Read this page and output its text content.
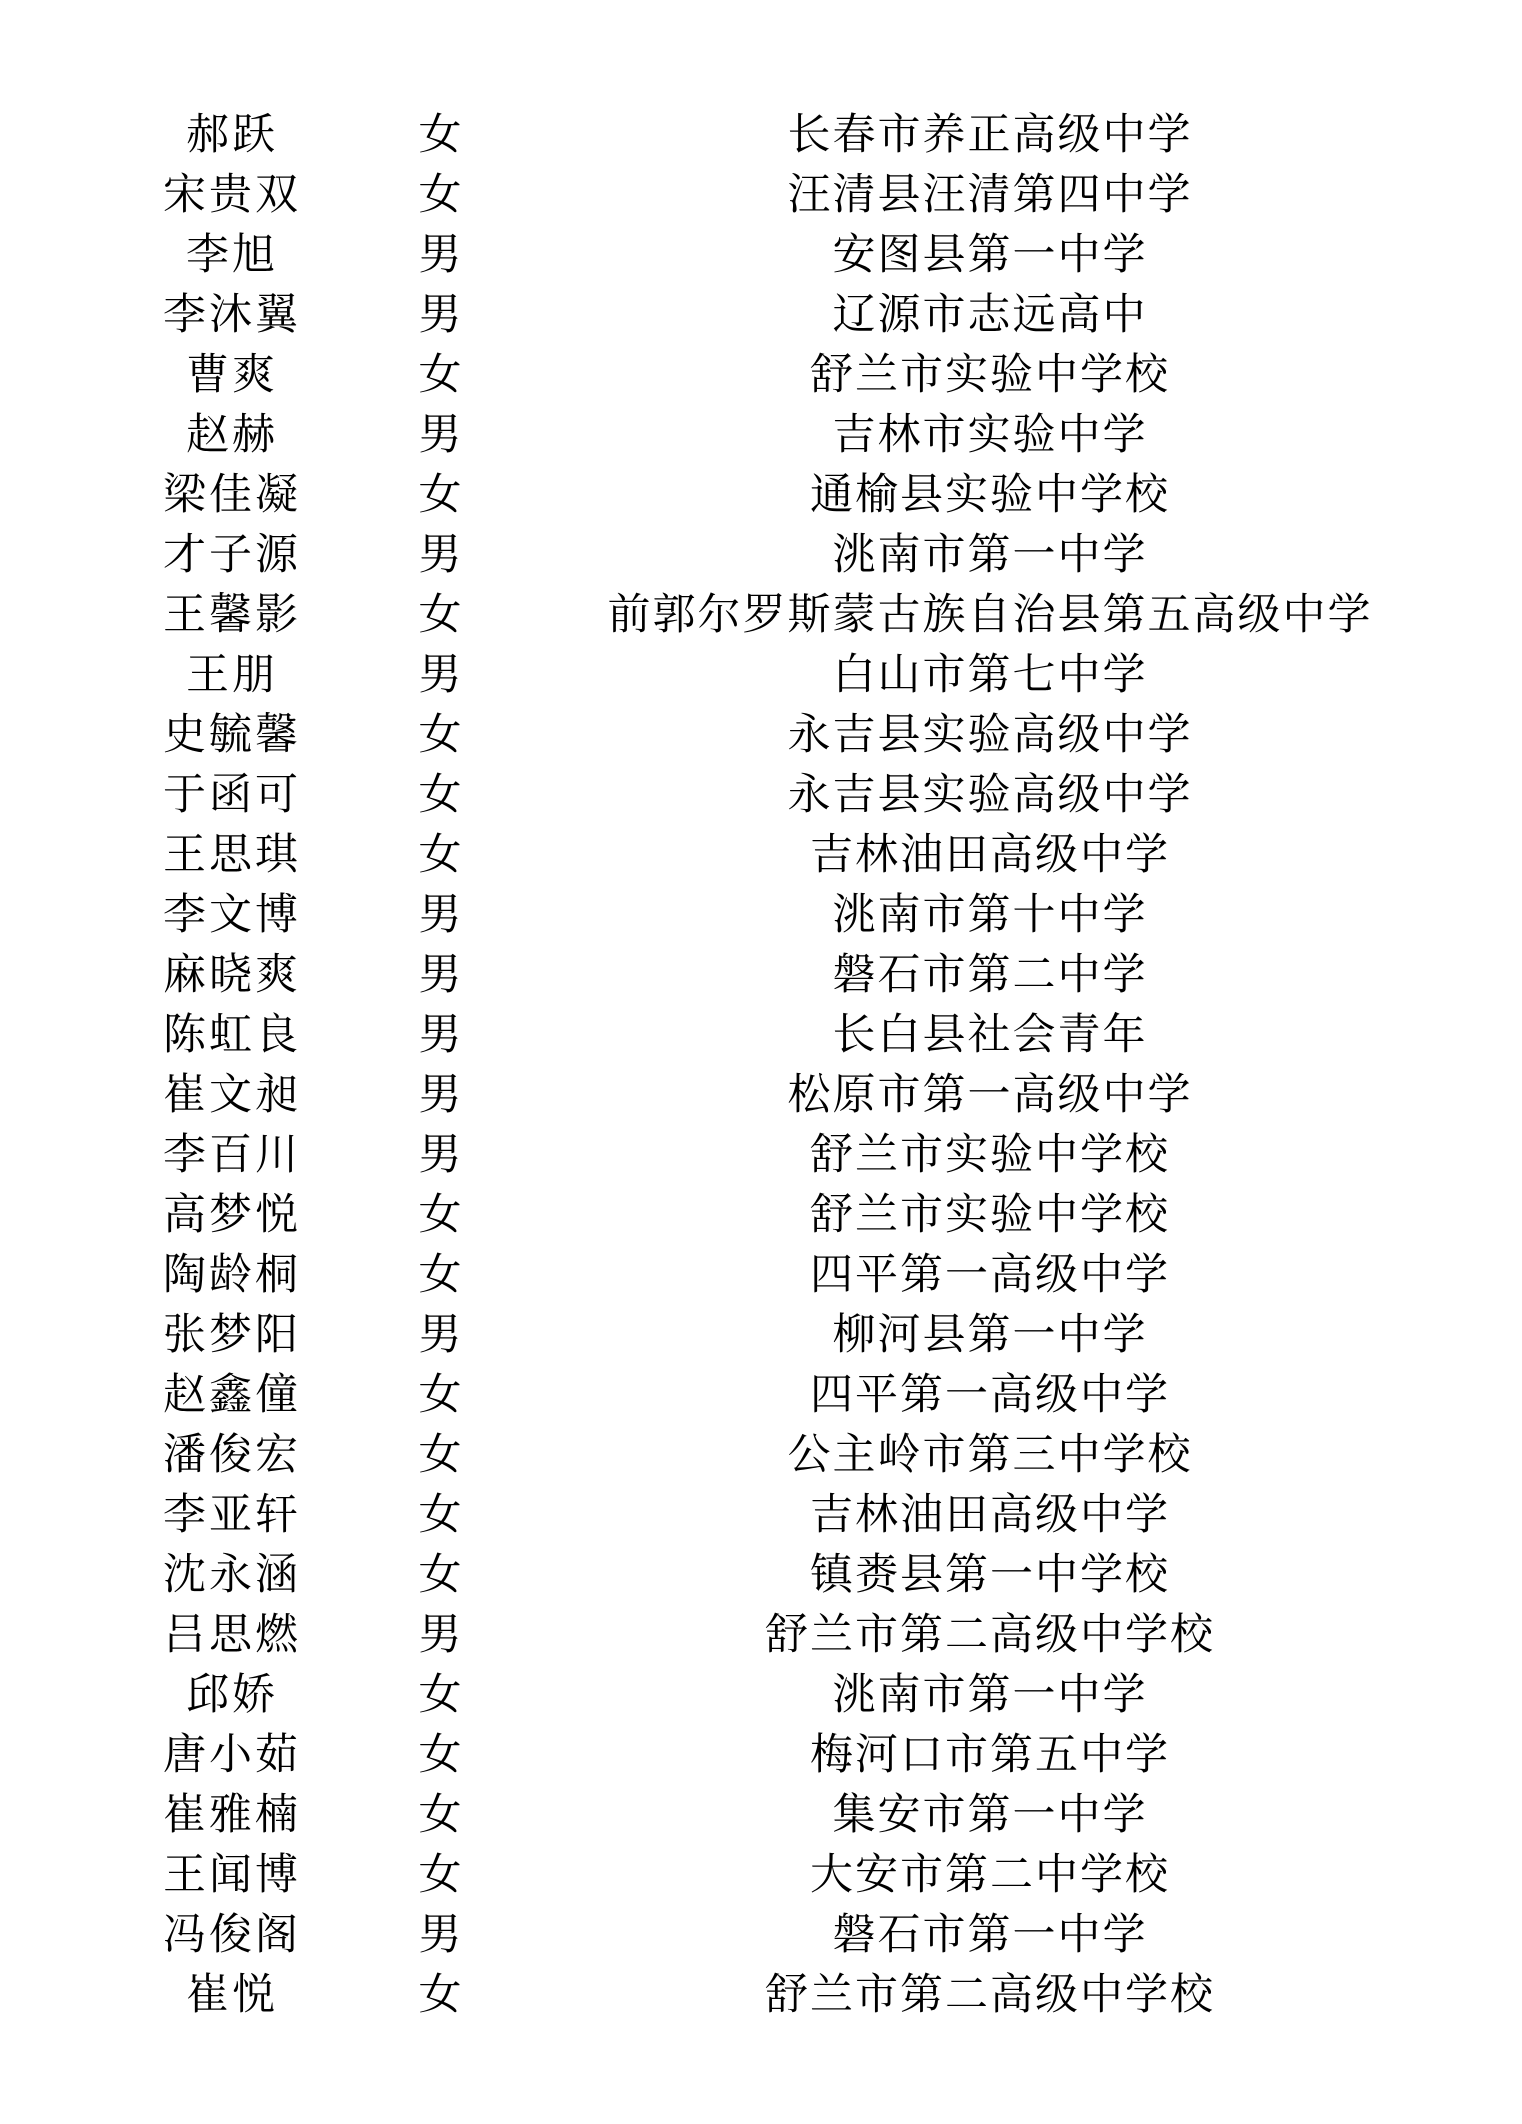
郝跃	女	长春市养正高级中学
宋贵双	女	汪清县汪清第四中学
李旭	男	安图县第一中学
李沐翼	男	辽源市志远高中
曹爽	女	舒兰市实验中学校
赵赫	男	吉林市实验中学
梁佳凝	女	通榆县实验中学校
才子源	男	洮南市第一中学
王馨影	女	前郭尔罗斯蒙古族自治县第五高级中学
王朋	男	白山市第七中学
史毓馨	女	永吉县实验高级中学
于函可	女	永吉县实验高级中学
王思琪	女	吉林油田高级中学
李文博	男	洮南市第十中学
麻晓爽	男	磐石市第二中学
陈虹良	男	长白县社会青年
崔文昶	男	松原市第一高级中学
李百川	男	舒兰市实验中学校
高梦悦	女	舒兰市实验中学校
陶龄桐	女	四平第一高级中学
张梦阳	男	柳河县第一中学
赵鑫僮	女	四平第一高级中学
潘俊宏	女	公主岭市第三中学校
李亚轩	女	吉林油田高级中学
沈永涵	女	镇赉县第一中学校
吕思燃	男	舒兰市第二高级中学校
邱娇	女	洮南市第一中学
唐小茹	女	梅河口市第五中学
崔雅楠	女	集安市第一中学
王闻博	女	大安市第二中学校
冯俊阁	男	磐石市第一中学
崔悦	女	舒兰市第二高级中学校
